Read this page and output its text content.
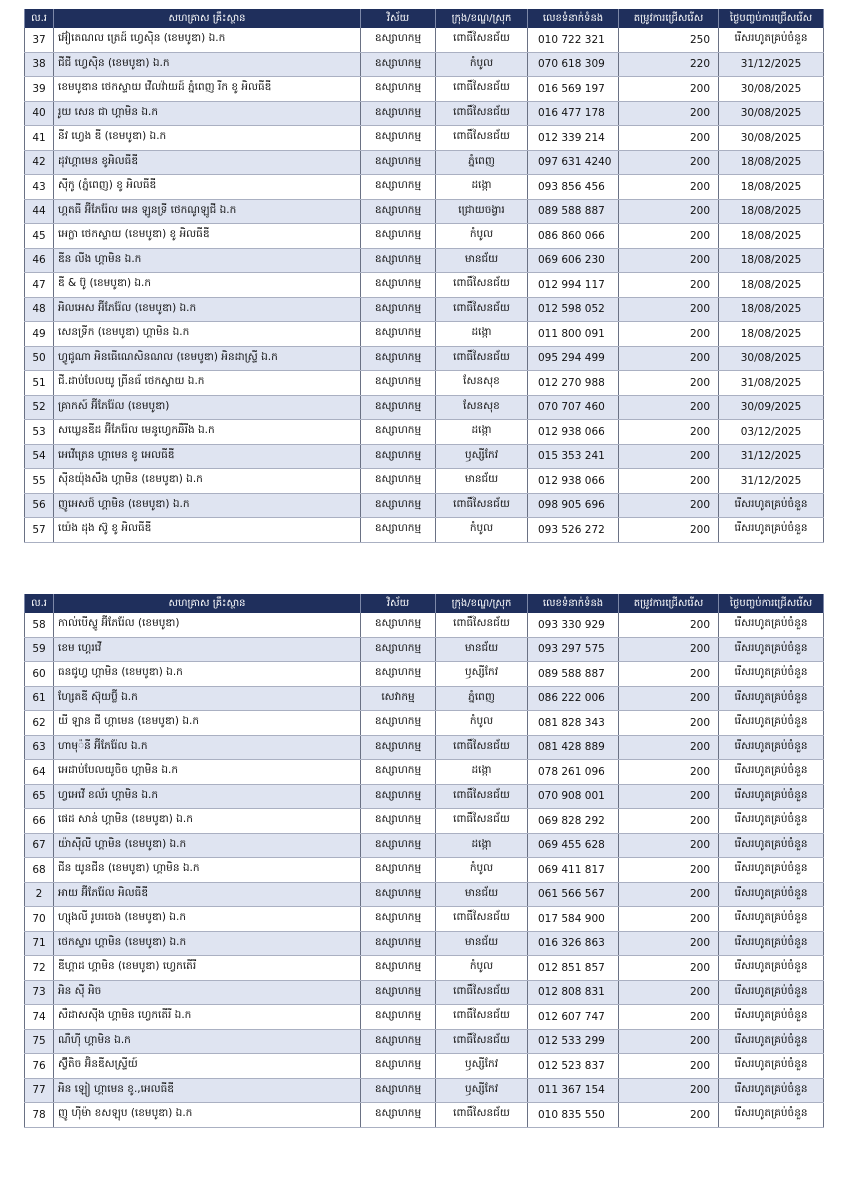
ល.រ	សហគ្រាស គ្រឹះស្ថាន	វិស័យ	ក្រុង/ខណ្ឌ/ស្រុក	លេខទំនាក់ទំនង	តម្រូវការជ្រើសរើស	ថ្ងៃបញ្ចប់ការជ្រើសរើស
37	អ៊ៀតេណល ត្រេដ៍ ហ្វេស៊ិន (ខេមបូឌា) ឯ.ក	ឧស្សាហកម្ម	ពោធិ៍សែនជ័យ	010 722 321	250	រើសរហូតគ្រប់ចំនួន
38	ជីជី ហ្វេស៊ិន (ខេមបូឌា) ឯ.ក	ឧស្សាហកម្ម	កំបូល	070 618 309	220	31/12/2025
39	ខេមបូឌាន ថេកស្ទាយ វើលវ៉ាយដ៍ ភ្នំពេញ រីក ខូ អិលធីឌី	ឧស្សាហកម្ម	ពោធិ៍សែនជ័យ	016 569 197	200	30/08/2025
40	រូយ សេន ជា ហ្គាមិន ឯ.ក	ឧស្សាហកម្ម	ពោធិ៍សែនជ័យ	016 477 178	200	30/08/2025
41	នីវ ហ្វេង ឌី (ខេមបូឌា) ឯ.ក	ឧស្សាហកម្ម	ពោធិ៍សែនជ័យ	012 339 214	200	30/08/2025
42	ដុវហ្គាមេន ខូអិលធីឌី	ឧស្សាហកម្ម	ភ្នំពេញ	097 631 4240	200	18/08/2025
43	ស៊ីកូ (ភ្នំពេញ) ខូ អិលធីឌី	ឧស្សាហកម្ម	ដង្កោ	093 856 456	200	18/08/2025
44	ហ្គតធី អ៊ីភែរ៉ែល អេន ឡូនទ្រី ថេកណូឡូជី ឯ.ក	ឧស្សាហកម្ម	ជ្រោយចង្វារ	089 588 887	200	18/08/2025
45	អេក្លា ថេកស្ទាយ (ខេមបូឌា) ខូ អិលធីឌី	ឧស្សាហកម្ម	កំបូល	086 860 066	200	18/08/2025
46	ឌីន លីង ហ្គាមិន ឯ.ក	ឧស្សាហកម្ម	មានជ័យ	069 606 230	200	18/08/2025
47	ឌី & ប៊ូ (ខេមបូឌា) ឯ.ក	ឧស្សាហកម្ម	ពោធិ៍សែនជ័យ	012 994 117	200	18/08/2025
48	អិលអេស អ៊ីភែរ៉ែល (ខេមបូឌា) ឯ.ក	ឧស្សាហកម្ម	ពោធិ៍សែនជ័យ	012 598 052	200	18/08/2025
49	សេនទ្រីក (ខេមបូឌា) ហ្គាមិន ឯ.ក	ឧស្សាហកម្ម	ដង្កោ	011 800 091	200	18/08/2025
50	ហ្វូជូណា អិនធើណេសិនណល (ខេមបូឌា) អិនដាស្ទ្រី ឯ.ក	ឧស្សាហកម្ម	ពោធិ៍សែនជ័យ	095 294 499	200	30/08/2025
51	ជី.ដាប់បែលយូ ព្រីនធ័ ថេកស្ទាយ ឯ.ក	ឧស្សាហកម្ម	សែនសុខ	012 270 988	200	31/08/2025
52	គ្រាកស៍ អ៊ីភែរ៉ែល (ខេមបូឌា)	ឧស្សាហកម្ម	សែនសុខ	070 707 460	200	30/09/2025
53	សឃ្លេនឌីដ អ៊ីភែរ៉ែល មេនូហ្វេកឆឺរីង ឯ.ក	ឧស្សាហកម្ម	ដង្កោ	012 938 066	200	03/12/2025
54	អេវើត្រេន ហ្គាមេន ខូ អេលធីឌី	ឧស្សាហកម្ម	ឫស្សីកែវ	015 353 241	200	31/12/2025
55	ស៊ីនយ៉ុងសឹង ហ្គាមិន (ខេមបូឌា) ឯ.ក	ឧស្សាហកម្ម	មានជ័យ	012 938 066	200	31/12/2025
56	ញូអេសថ៍ ហ្គាមិន (ខេមបូឌា) ឯ.ក	ឧស្សាហកម្ម	ពោធិ៍សែនជ័យ	098 905 696	200	រើសរហូតគ្រប់ចំនួន
57	យ៉េង ដុង ស៊ូ ខូ អិលធីឌី	ឧស្សាហកម្ម	កំបូល	093 526 272	200	រើសរហូតគ្រប់ចំនួន
ល.រ	សហគ្រាស គ្រឹះស្ថាន	វិស័យ	ក្រុង/ខណ្ឌ/ស្រុក	លេខទំនាក់ទំនង	តម្រូវការជ្រើសរើស	ថ្ងៃបញ្ចប់ការជ្រើសរើស
58	កាល់បើស្ទូ អ៊ីភែរ៉ែល (ខេមបូឌា)	ឧស្សាហកម្ម	ពោធិ៍សែនជ័យ	093 330 929	200	រើសរហូតគ្រប់ចំនួន
59	ខេម ហ្គេរវើ	ឧស្សាហកម្ម	មានជ័យ	093 297 575	200	រើសរហូតគ្រប់ចំនួន
60	ធនជូហ្វ ហ្គាមិន (ខេមបូឌា) ឯ.ក	ឧស្សាហកម្ម	ឫស្សីកែវ	089 588 887	200	រើសរហូតគ្រប់ចំនួន
61	ហ្សែតឌី ស៊ុយប្ល៊ី ឯ.ក	សេវាកម្ម	ភ្នំពេញ	086 222 006	200	រើសរហូតគ្រប់ចំនួន
62	យី ឡាន ជី ហ្គាមេន (ខេមបូឌា) ឯ.ក	ឧស្សាហកម្ម	កំបូល	081 828 343	200	រើសរហូតគ្រប់ចំនួន
63	ហាមុ៉នី អ៊ីភែរ៉ែល ឯ.ក	ឧស្សាហកម្ម	ពោធិ៍សែនជ័យ	081 428 889	200	រើសរហូតគ្រប់ចំនួន
64	អេដាប់បែលយូចិច ហ្គាមិន ឯ.ក	ឧស្សាហកម្ម	ដង្កោ	078 261 096	200	រើសរហូតគ្រប់ចំនួន
65	ហ្វអេវើ ខល័រ ហ្គាមិន ឯ.ក	ឧស្សាហកម្ម	ពោធិ៍សែនជ័យ	070 908 001	200	រើសរហូតគ្រប់ចំនួន
66	ផេដ សាន់ ហ្គាមិន (ខេមបូឌា) ឯ.ក	ឧស្សាហកម្ម	ពោធិ៍សែនជ័យ	069 828 292	200	រើសរហូតគ្រប់ចំនួន
67	យ៉ាស៊ីលី ហ្គាមិន (ខេមបូឌា) ឯ.ក	ឧស្សាហកម្ម	ដង្កោ	069 455 628	200	រើសរហូតគ្រប់ចំនួន
68	ជីន យូនជីន (ខេមបូឌា) ហ្គាមិន ឯ.ក	ឧស្សាហកម្ម	កំបូល	069 411 817	200	រើសរហូតគ្រប់ចំនួន
2	អាយ អ៊ីភែរ៉ែល អិលធីឌី	ឧស្សាហកម្ម	មានជ័យ	061 566 567	200	រើសរហូតគ្រប់ចំនួន
70	ហ្សុងលី រូបរចេង (ខេមបូឌា) ឯ.ក	ឧស្សាហកម្ម	ពោធិ៍សែនជ័យ	017 584 900	200	រើសរហូតគ្រប់ចំនួន
71	ថេកស្ទារ ហ្គាមិន (ខេមបូឌា) ឯ.ក	ឧស្សាហកម្ម	មានជ័យ	016 326 863	200	រើសរហូតគ្រប់ចំនួន
72	ឌីហ្គាដ ហ្គាមិន (ខេមបូឌា) ហ្វេកតើរី	ឧស្សាហកម្ម	កំបូល	012 851 857	200	រើសរហូតគ្រប់ចំនួន
73	អិន ស៊ី អិច	ឧស្សាហកម្ម	ពោធិ៍សែនជ័យ	012 808 831	200	រើសរហូតគ្រប់ចំនួន
74	សឺដាសស៊ីង ហ្គាមិន ហ្វេកតើរី ឯ.ក	ឧស្សាហកម្ម	ពោធិ៍សែនជ័យ	012 607 747	200	រើសរហូតគ្រប់ចំនួន
75	ណឺហ៊ី ហ្គាមិន ឯ.ក	ឧស្សាហកម្ម	ពោធិ៍សែនជ័យ	012 533 299	200	រើសរហូតគ្រប់ចំនួន
76	ស៊្វីតិច អ៊ិនឌីសស្ទ្រីយ៍	ឧស្សាហកម្ម	ឫស្សីកែវ	012 523 837	200	រើសរហូតគ្រប់ចំនួន
77	អិន ឡៀ ហ្គាមេន ខូ.,អេលធីឌី	ឧស្សាហកម្ម	ឫស្សីកែវ	011 367 154	200	រើសរហូតគ្រប់ចំនួន
78	ញូ ហ៊ីម៉ា ខសឡុប (ខេមបូឌា) ឯ.ក	ឧស្សាហកម្ម	ពោធិ៍សែនជ័យ	010 835 550	200	រើសរហូតគ្រប់ចំនួន
